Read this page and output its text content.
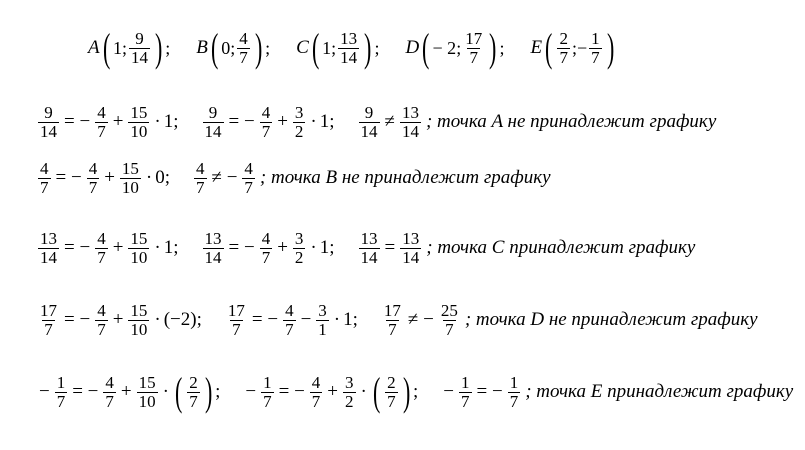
A ( 1 ; $\frac{9}{14}$ ) ; B ( 0 ; $\frac{4}{7}$ ) ; C ( 1 ; $\frac{13}{14}$ ) ; D ( − 2 ; $\frac{17}{7}$ ) ; E ( $\frac{2}{7}$ ;− $\frac{1}{7}$ )
$\frac{9}{14}$ = − $\frac{4}{7} + \frac{15}{10} \cdot 1$ ; $\frac{9}{14}$ = − $\frac{4}{7} + \frac{3}{2} \cdot 1$ ; $\frac{9}{14} \ne \frac{13}{14}$ ; точка A не принадлежит графику
$\frac{4}{7}$ = − $\frac{4}{7} + \frac{15}{10} \cdot 0$ ; $\frac{4}{7}$ ≠ − $\frac{4}{7}$ ; точка B не принадлежит графику
$\frac{13}{14}$ = − $\frac{4}{7} + \frac{15}{10} \cdot 1$ ; $\frac{13}{14}$ = − $\frac{4}{7} + \frac{3}{2} \cdot 1$ ; $\frac{13}{14} = \frac{13}{14}$ ; точка C принадлежит графику
$\frac{17}{7}$ = − $\frac{4}{7} + \frac{15}{10} \cdot (-2)$; $\frac{17}{7}$ = − $\frac{4}{7} - \frac{3}{1} \cdot 1$ ; $\frac{17}{7}$ ≠ − $\frac{25}{7}$ ; точка D не принадлежит графику
− $\frac{1}{7}$ = − $\frac{4}{7} + \frac{15}{10}$ · ( $\frac{2}{7}$ ) ; − $\frac{1}{7}$ = − $\frac{4}{7} + \frac{3}{2}$ · ( $\frac{2}{7}$ ) ; − $\frac{1}{7}$ = − $\frac{1}{7}$ ; точка E принадлежит графику
